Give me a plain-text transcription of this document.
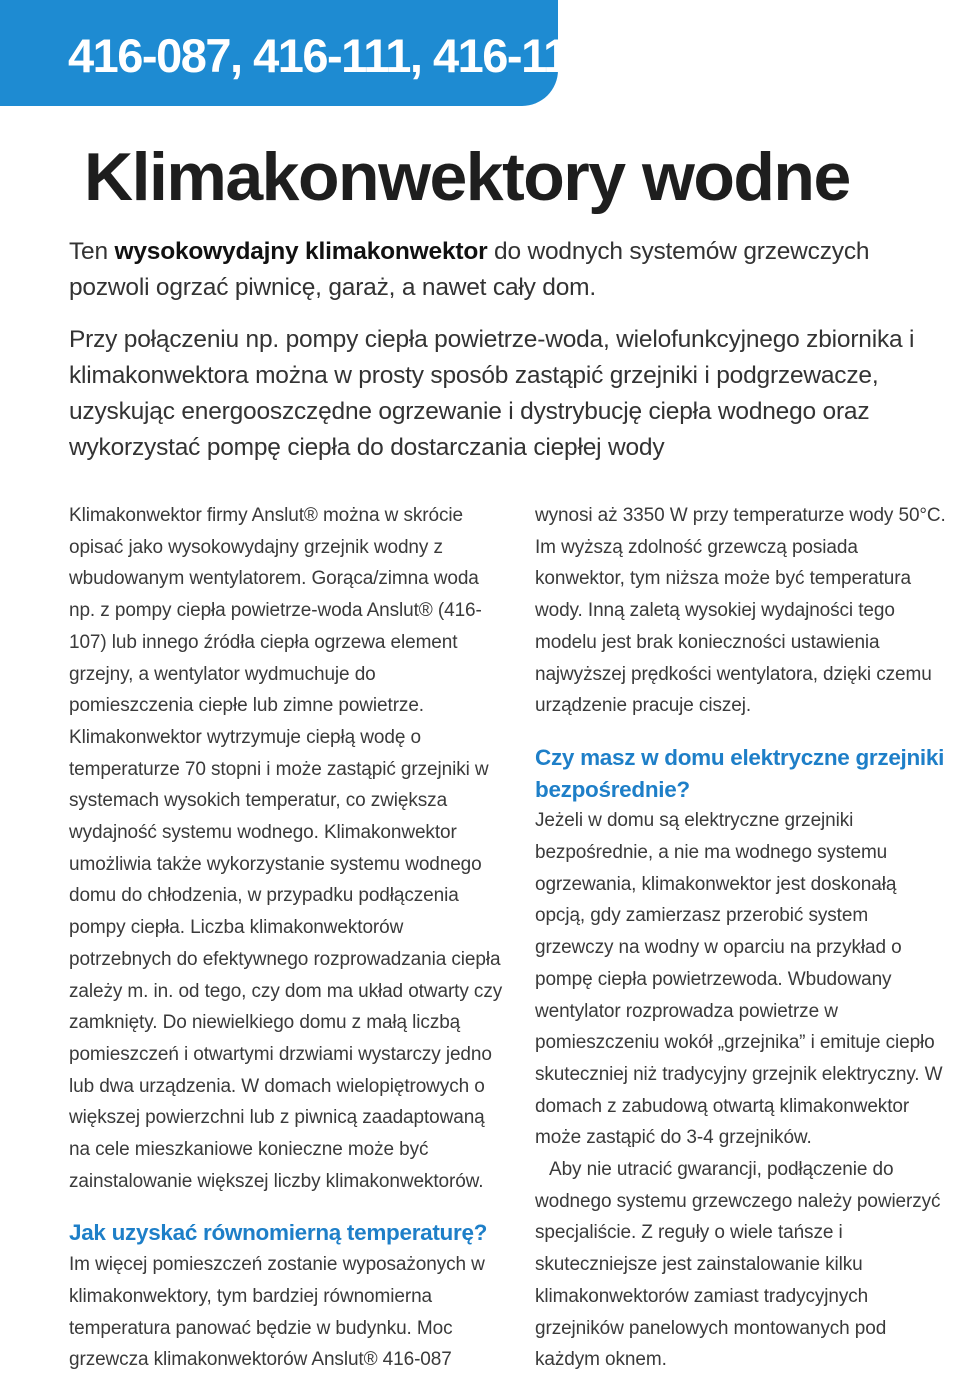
416-087, 416-111, 416-112
Klimakonwektory wodne

Ten wysokowydajny klimakonwektor do wodnych systemów grzewczych pozwoli ogrzać piwnicę, garaż, a nawet cały dom.

Przy połączeniu np. pompy ciepła powietrze-woda, wielofunkcyjnego zbiornika i klimakonwektora można w prosty sposób zastąpić grzejniki i podgrzewacze, uzyskując energooszczędne ogrzewanie i dystrybucję ciepła wodnego oraz wykorzystać pompę ciepła do dostarczania ciepłej wody

Klimakonwektor firmy Anslut® można w skrócie opisać jako wysokowydajny grzejnik wodny z wbudowanym wentylatorem. Gorąca/zimna woda np. z pompy ciepła powietrze-woda Anslut® (416-107) lub innego źródła ciepła ogrzewa element grzejny, a wentylator wydmuchuje do pomieszczenia ciepłe lub zimne powietrze. Klimakonwektor wytrzymuje ciepłą wodę o temperaturze 70 stopni i może zastąpić grzejniki w systemach wysokich temperatur, co zwiększa wydajność systemu wodnego. Klimakonwektor umożliwia także wykorzystanie systemu wodnego domu do chłodzenia, w przypadku podłączenia pompy ciepła. Liczba klimakonwektorów potrzebnych do efektywnego rozprowadzania ciepła zależy m. in. od tego, czy dom ma układ otwarty czy zamknięty. Do niewielkiego domu z małą liczbą pomieszczeń i otwartymi drzwiami wystarczy jedno lub dwa urządzenia. W domach wielopiętrowych o większej powierzchni lub z piwnicą zaadaptowaną na cele mieszkaniowe konieczne może być zainstalowanie większej liczby klimakonwektorów.

Jak uzyskać równomierną temperaturę?

Im więcej pomieszczeń zostanie wyposażonych w klimakonwektory, tym bardziej równomierna temperatura panować będzie w budynku. Moc grzewcza klimakonwektorów Anslut® 416-087

wynosi aż 3350 W przy temperaturze wody 50°C. Im wyższą zdolność grzewczą posiada konwektor, tym niższa może być temperatura wody. Inną zaletą wysokiej wydajności tego modelu jest brak konieczności ustawienia najwyższej prędkości wentylatora, dzięki czemu urządzenie pracuje ciszej.

Czy masz w domu elektryczne grzejniki bezpośrednie?

Jeżeli w domu są elektryczne grzejniki bezpośrednie, a nie ma wodnego systemu ogrzewania, klimakonwektor jest doskonałą opcją, gdy zamierzasz przerobić system grzewczy na wodny w oparciu na przykład o pompę ciepła powietrzewoda. Wbudowany wentylator rozprowadza powietrze w pomieszczeniu wokół „grzejnika” i emituje ciepło skuteczniej niż tradycyjny grzejnik elektryczny. W domach z zabudową otwartą klimakonwektor może zastąpić do 3-4 grzejników.

Aby nie utracić gwarancji, podłączenie do wodnego systemu grzewczego należy powierzyć specjaliście. Z reguły o wiele tańsze i skuteczniejsze jest zainstalowanie kilku klimakonwektorów zamiast tradycyjnych grzejników panelowych montowanych pod każdym oknem.
